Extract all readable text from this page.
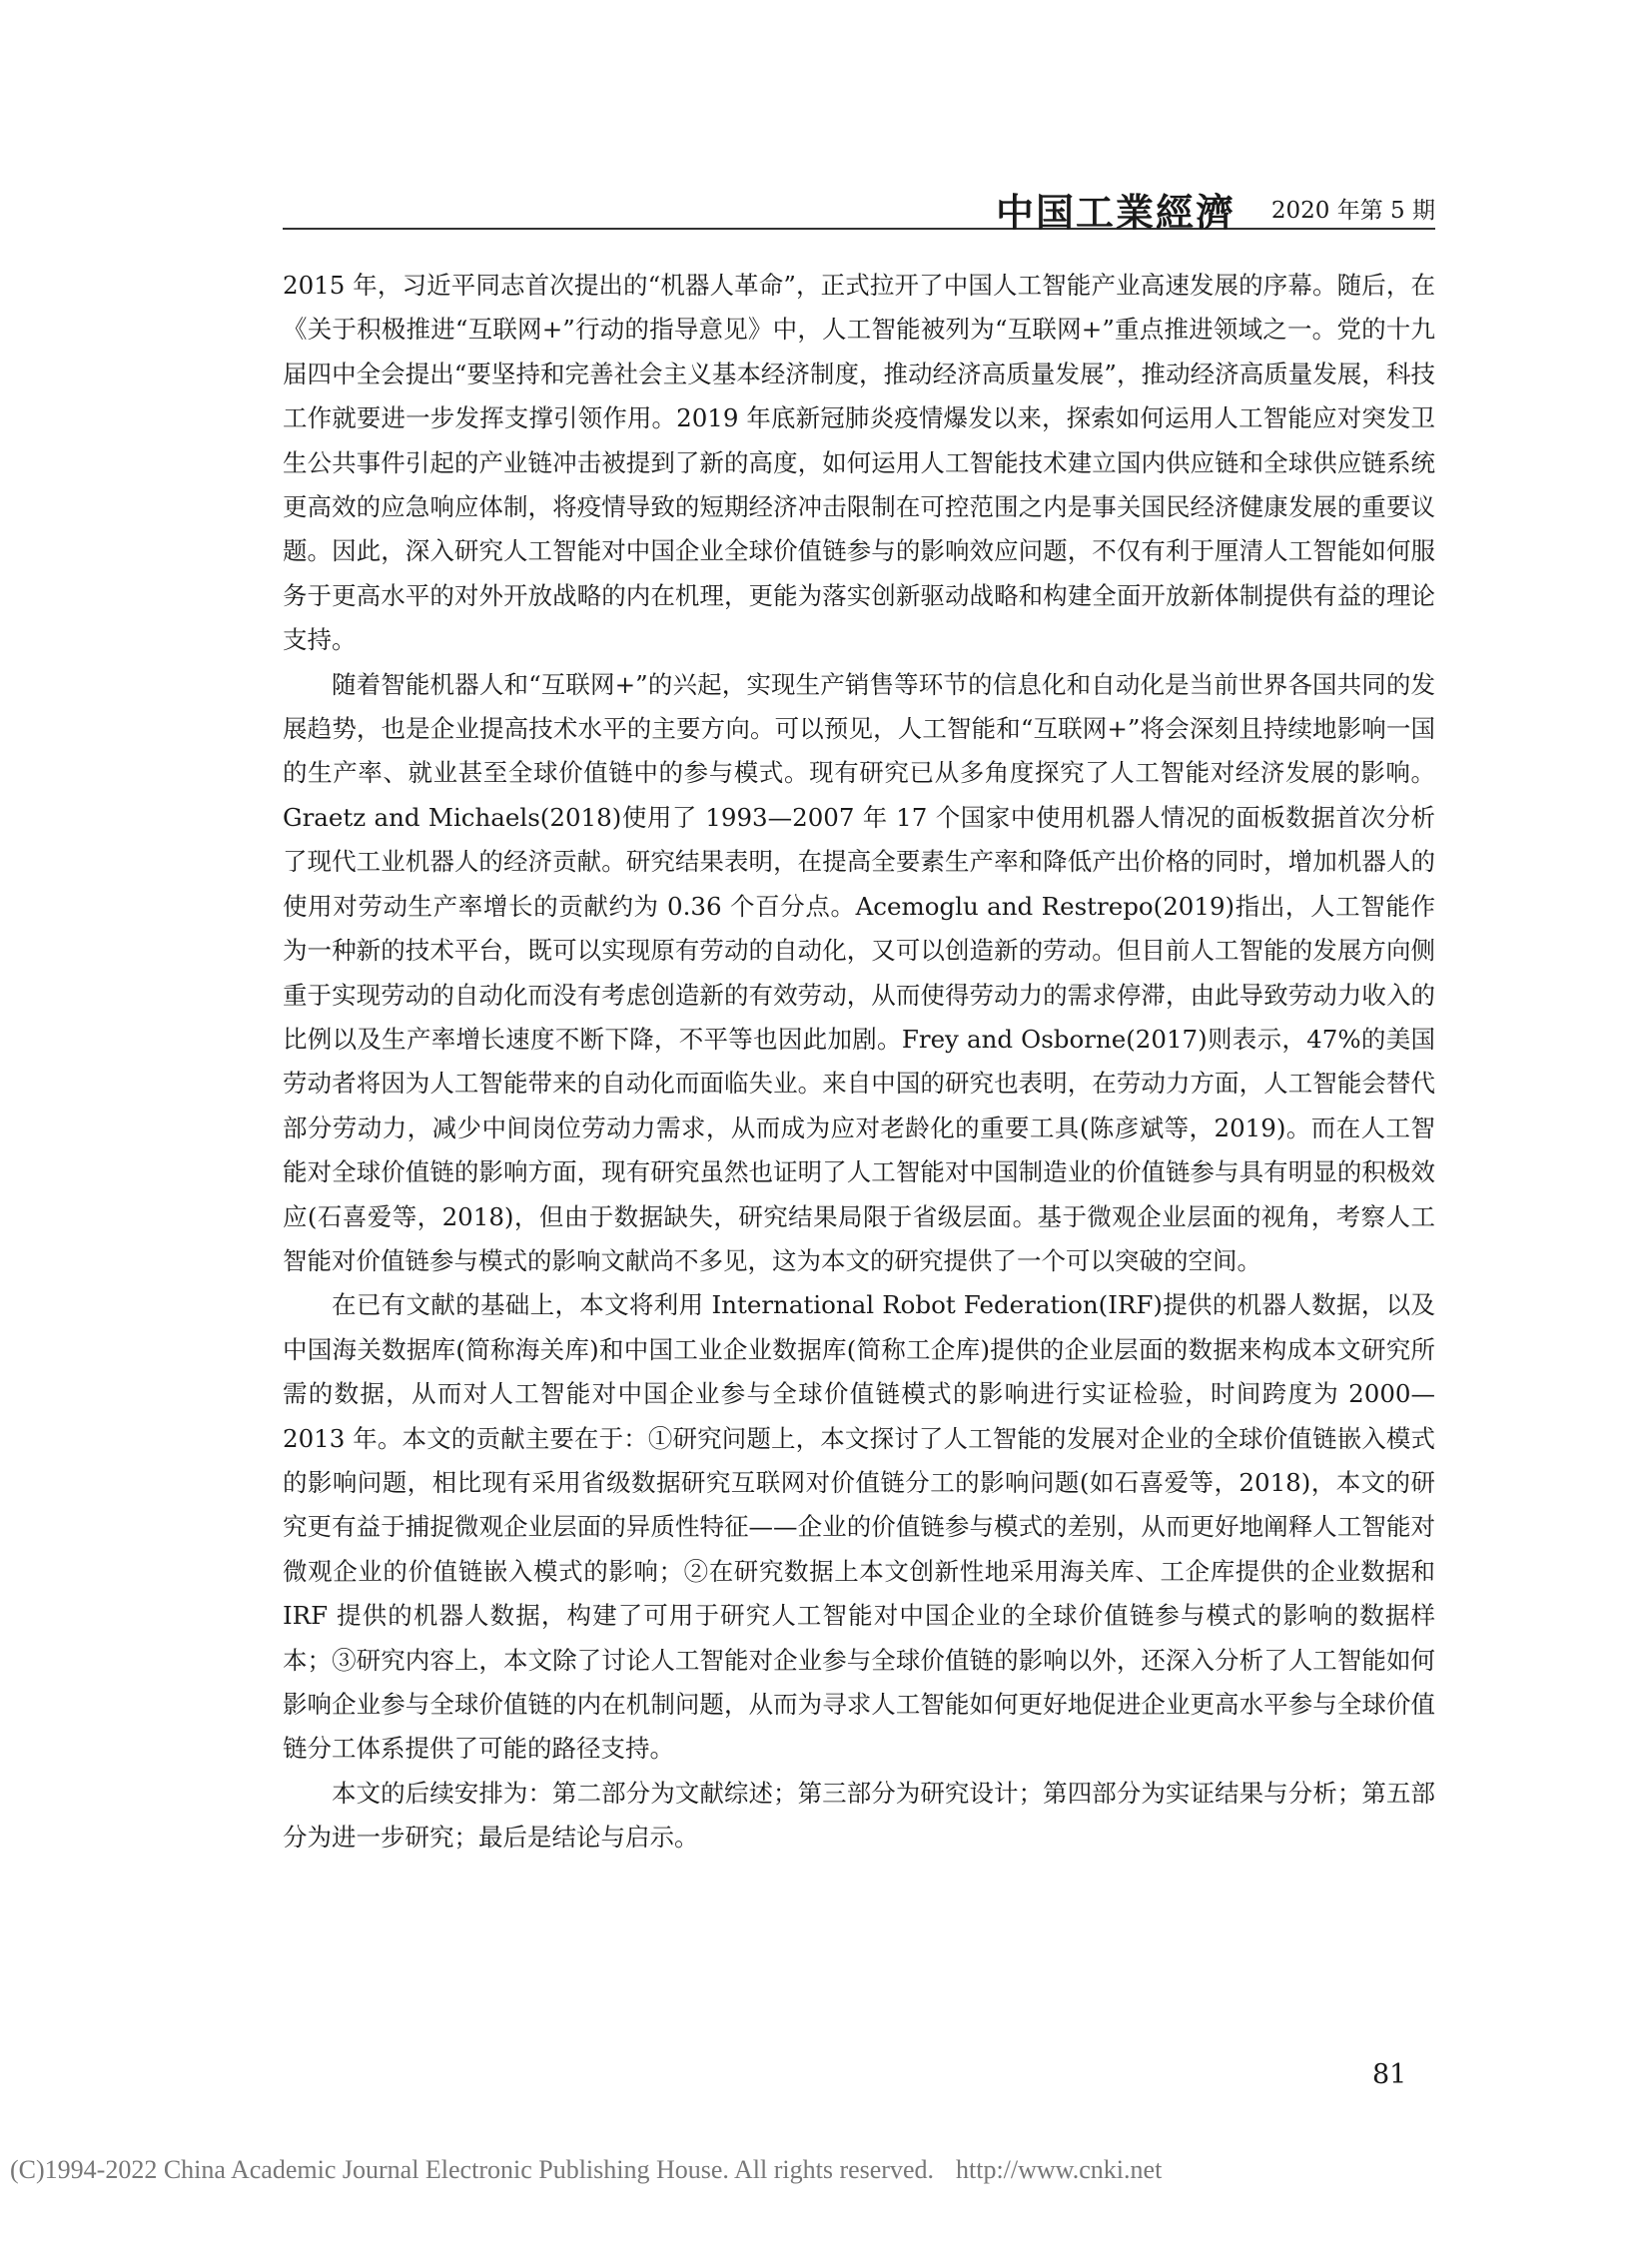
中国工業經濟 2020 年第 5 期

2015 年，习近平同志首次提出的“机器人革命”，正式拉开了中国人工智能产业高速发展的序幕。随后，在《关于积极推进“互联网+”行动的指导意见》中，人工智能被列为“互联网+”重点推进领域之一。党的十九届四中全会提出“要坚持和完善社会主义基本经济制度，推动经济高质量发展”，推动经济高质量发展，科技工作就要进一步发挥支撑引领作用。2019 年底新冠肺炎疫情爆发以来，探索如何运用人工智能应对突发卫生公共事件引起的产业链冲击被提到了新的高度，如何运用人工智能技术建立国内供应链和全球供应链系统更高效的应急响应体制，将疫情导致的短期经济冲击限制在可控范围之内是事关国民经济健康发展的重要议题。因此，深入研究人工智能对中国企业全球价值链参与的影响效应问题，不仅有利于厘清人工智能如何服务于更高水平的对外开放战略的内在机理，更能为落实创新驱动战略和构建全面开放新体制提供有益的理论支持。

随着智能机器人和“互联网+”的兴起，实现生产销售等环节的信息化和自动化是当前世界各国共同的发展趋势，也是企业提高技术水平的主要方向。可以预见，人工智能和“互联网+”将会深刻且持续地影响一国的生产率、就业甚至全球价值链中的参与模式。现有研究已从多角度探究了人工智能对经济发展的影响。Graetz and Michaels(2018)使用了 1993—2007 年 17 个国家中使用机器人情况的面板数据首次分析了现代工业机器人的经济贡献。研究结果表明，在提高全要素生产率和降低产出价格的同时，增加机器人的使用对劳动生产率增长的贡献约为 0.36 个百分点。Acemoglu and Restrepo(2019)指出，人工智能作为一种新的技术平台，既可以实现原有劳动的自动化，又可以创造新的劳动。但目前人工智能的发展方向侧重于实现劳动的自动化而没有考虑创造新的有效劳动，从而使得劳动力的需求停滞，由此导致劳动力收入的比例以及生产率增长速度不断下降，不平等也因此加剧。Frey and Osborne(2017)则表示，47%的美国劳动者将因为人工智能带来的自动化而面临失业。来自中国的研究也表明，在劳动力方面，人工智能会替代部分劳动力，减少中间岗位劳动力需求，从而成为应对老龄化的重要工具(陈彦斌等，2019)。而在人工智能对全球价值链的影响方面，现有研究虽然也证明了人工智能对中国制造业的价值链参与具有明显的积极效应(石喜爱等，2018)，但由于数据缺失，研究结果局限于省级层面。基于微观企业层面的视角，考察人工智能对价值链参与模式的影响文献尚不多见，这为本文的研究提供了一个可以突破的空间。

在已有文献的基础上，本文将利用 International Robot Federation(IRF)提供的机器人数据，以及中国海关数据库(简称海关库)和中国工业企业数据库(简称工企库)提供的企业层面的数据来构成本文研究所需的数据，从而对人工智能对中国企业参与全球价值链模式的影响进行实证检验，时间跨度为 2000—2013 年。本文的贡献主要在于：①研究问题上，本文探讨了人工智能的发展对企业的全球价值链嵌入模式的影响问题，相比现有采用省级数据研究互联网对价值链分工的影响问题(如石喜爱等，2018)，本文的研究更有益于捕捉微观企业层面的异质性特征——企业的价值链参与模式的差别，从而更好地阐释人工智能对微观企业的价值链嵌入模式的影响；②在研究数据上本文创新性地采用海关库、工企库提供的企业数据和 IRF 提供的机器人数据，构建了可用于研究人工智能对中国企业的全球价值链参与模式的影响的数据样本；③研究内容上，本文除了讨论人工智能对企业参与全球价值链的影响以外，还深入分析了人工智能如何影响企业参与全球价值链的内在机制问题，从而为寻求人工智能如何更好地促进企业更高水平参与全球价值链分工体系提供了可能的路径支持。

本文的后续安排为：第二部分为文献综述；第三部分为研究设计；第四部分为实证结果与分析；第五部分为进一步研究；最后是结论与启示。

81
(C)1994-2022 China Academic Journal Electronic Publishing House. All rights reserved. http://www.cnki.net
